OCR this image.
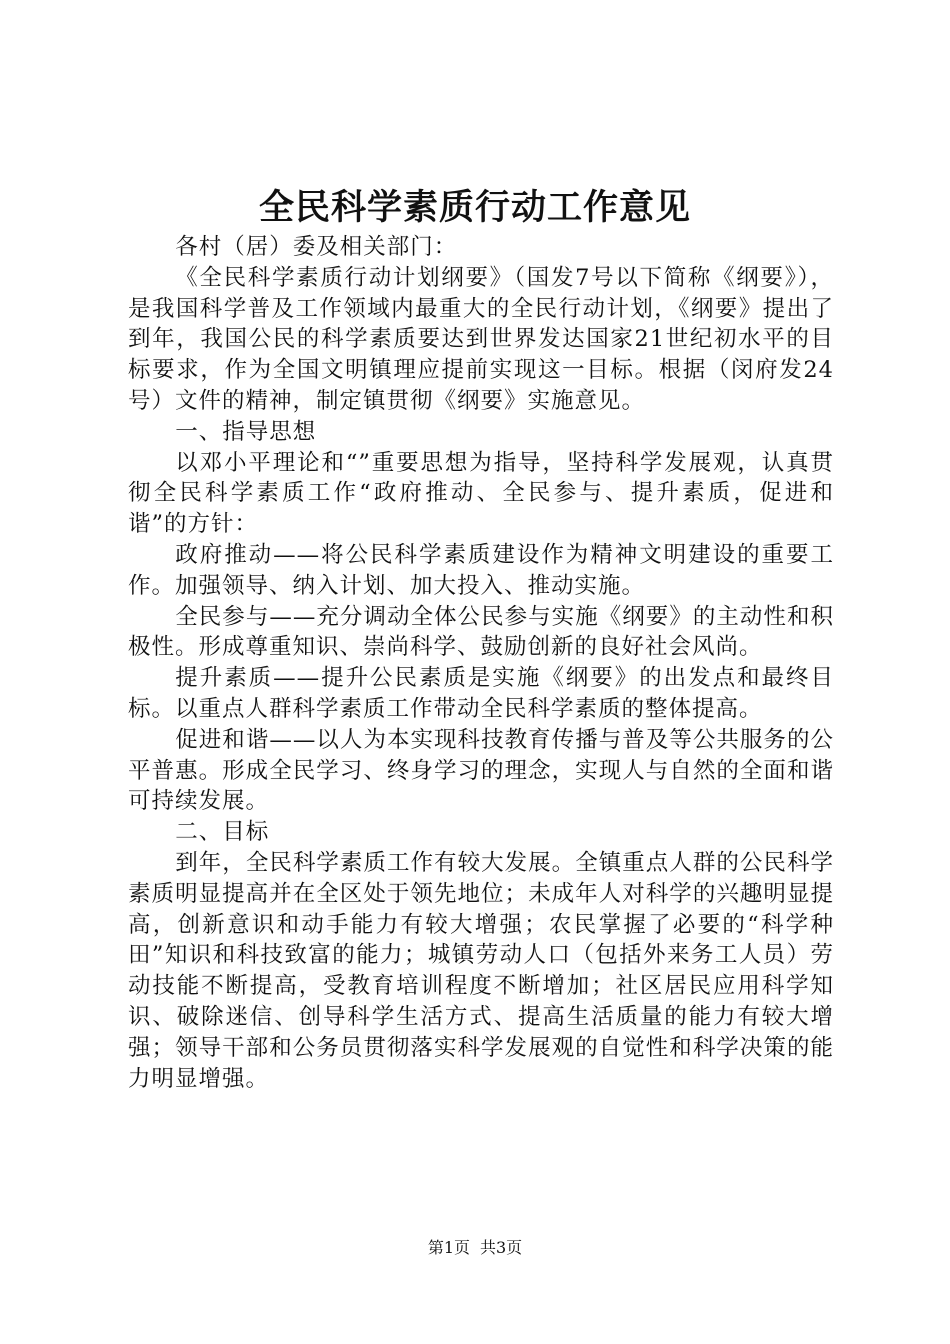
全民科学素质行动工作意见

各村（居）委及相关部门：

《全民科学素质行动计划纲要》（国发7号以下简称《纲要》），是我国科学普及工作领域内最重大的全民行动计划，《纲要》提出了到年，我国公民的科学素质要达到世界发达国家21世纪初水平的目标要求，作为全国文明镇理应提前实现这一目标。根据（闵府发24号）文件的精神，制定镇贯彻《纲要》实施意见。

一、指导思想

以邓小平理论和“”重要思想为指导，坚持科学发展观，认真贯彻全民科学素质工作“政府推动、全民参与、提升素质，促进和谐”的方针：

政府推动——将公民科学素质建设作为精神文明建设的重要工作。加强领导、纳入计划、加大投入、推动实施。

全民参与——充分调动全体公民参与实施《纲要》的主动性和积极性。形成尊重知识、崇尚科学、鼓励创新的良好社会风尚。

提升素质——提升公民素质是实施《纲要》的出发点和最终目标。以重点人群科学素质工作带动全民科学素质的整体提高。

促进和谐——以人为本实现科技教育传播与普及等公共服务的公平普惠。形成全民学习、终身学习的理念，实现人与自然的全面和谐可持续发展。

二、目标

到年，全民科学素质工作有较大发展。全镇重点人群的公民科学素质明显提高并在全区处于领先地位；未成年人对科学的兴趣明显提高，创新意识和动手能力有较大增强；农民掌握了必要的“科学种田”知识和科技致富的能力；城镇劳动人口（包括外来务工人员）劳动技能不断提高，受教育培训程度不断增加；社区居民应用科学知识、破除迷信、创导科学生活方式、提高生活质量的能力有较大增强；领导干部和公务员贯彻落实科学发展观的自觉性和科学决策的能力明显增强。

第1页 共3页
